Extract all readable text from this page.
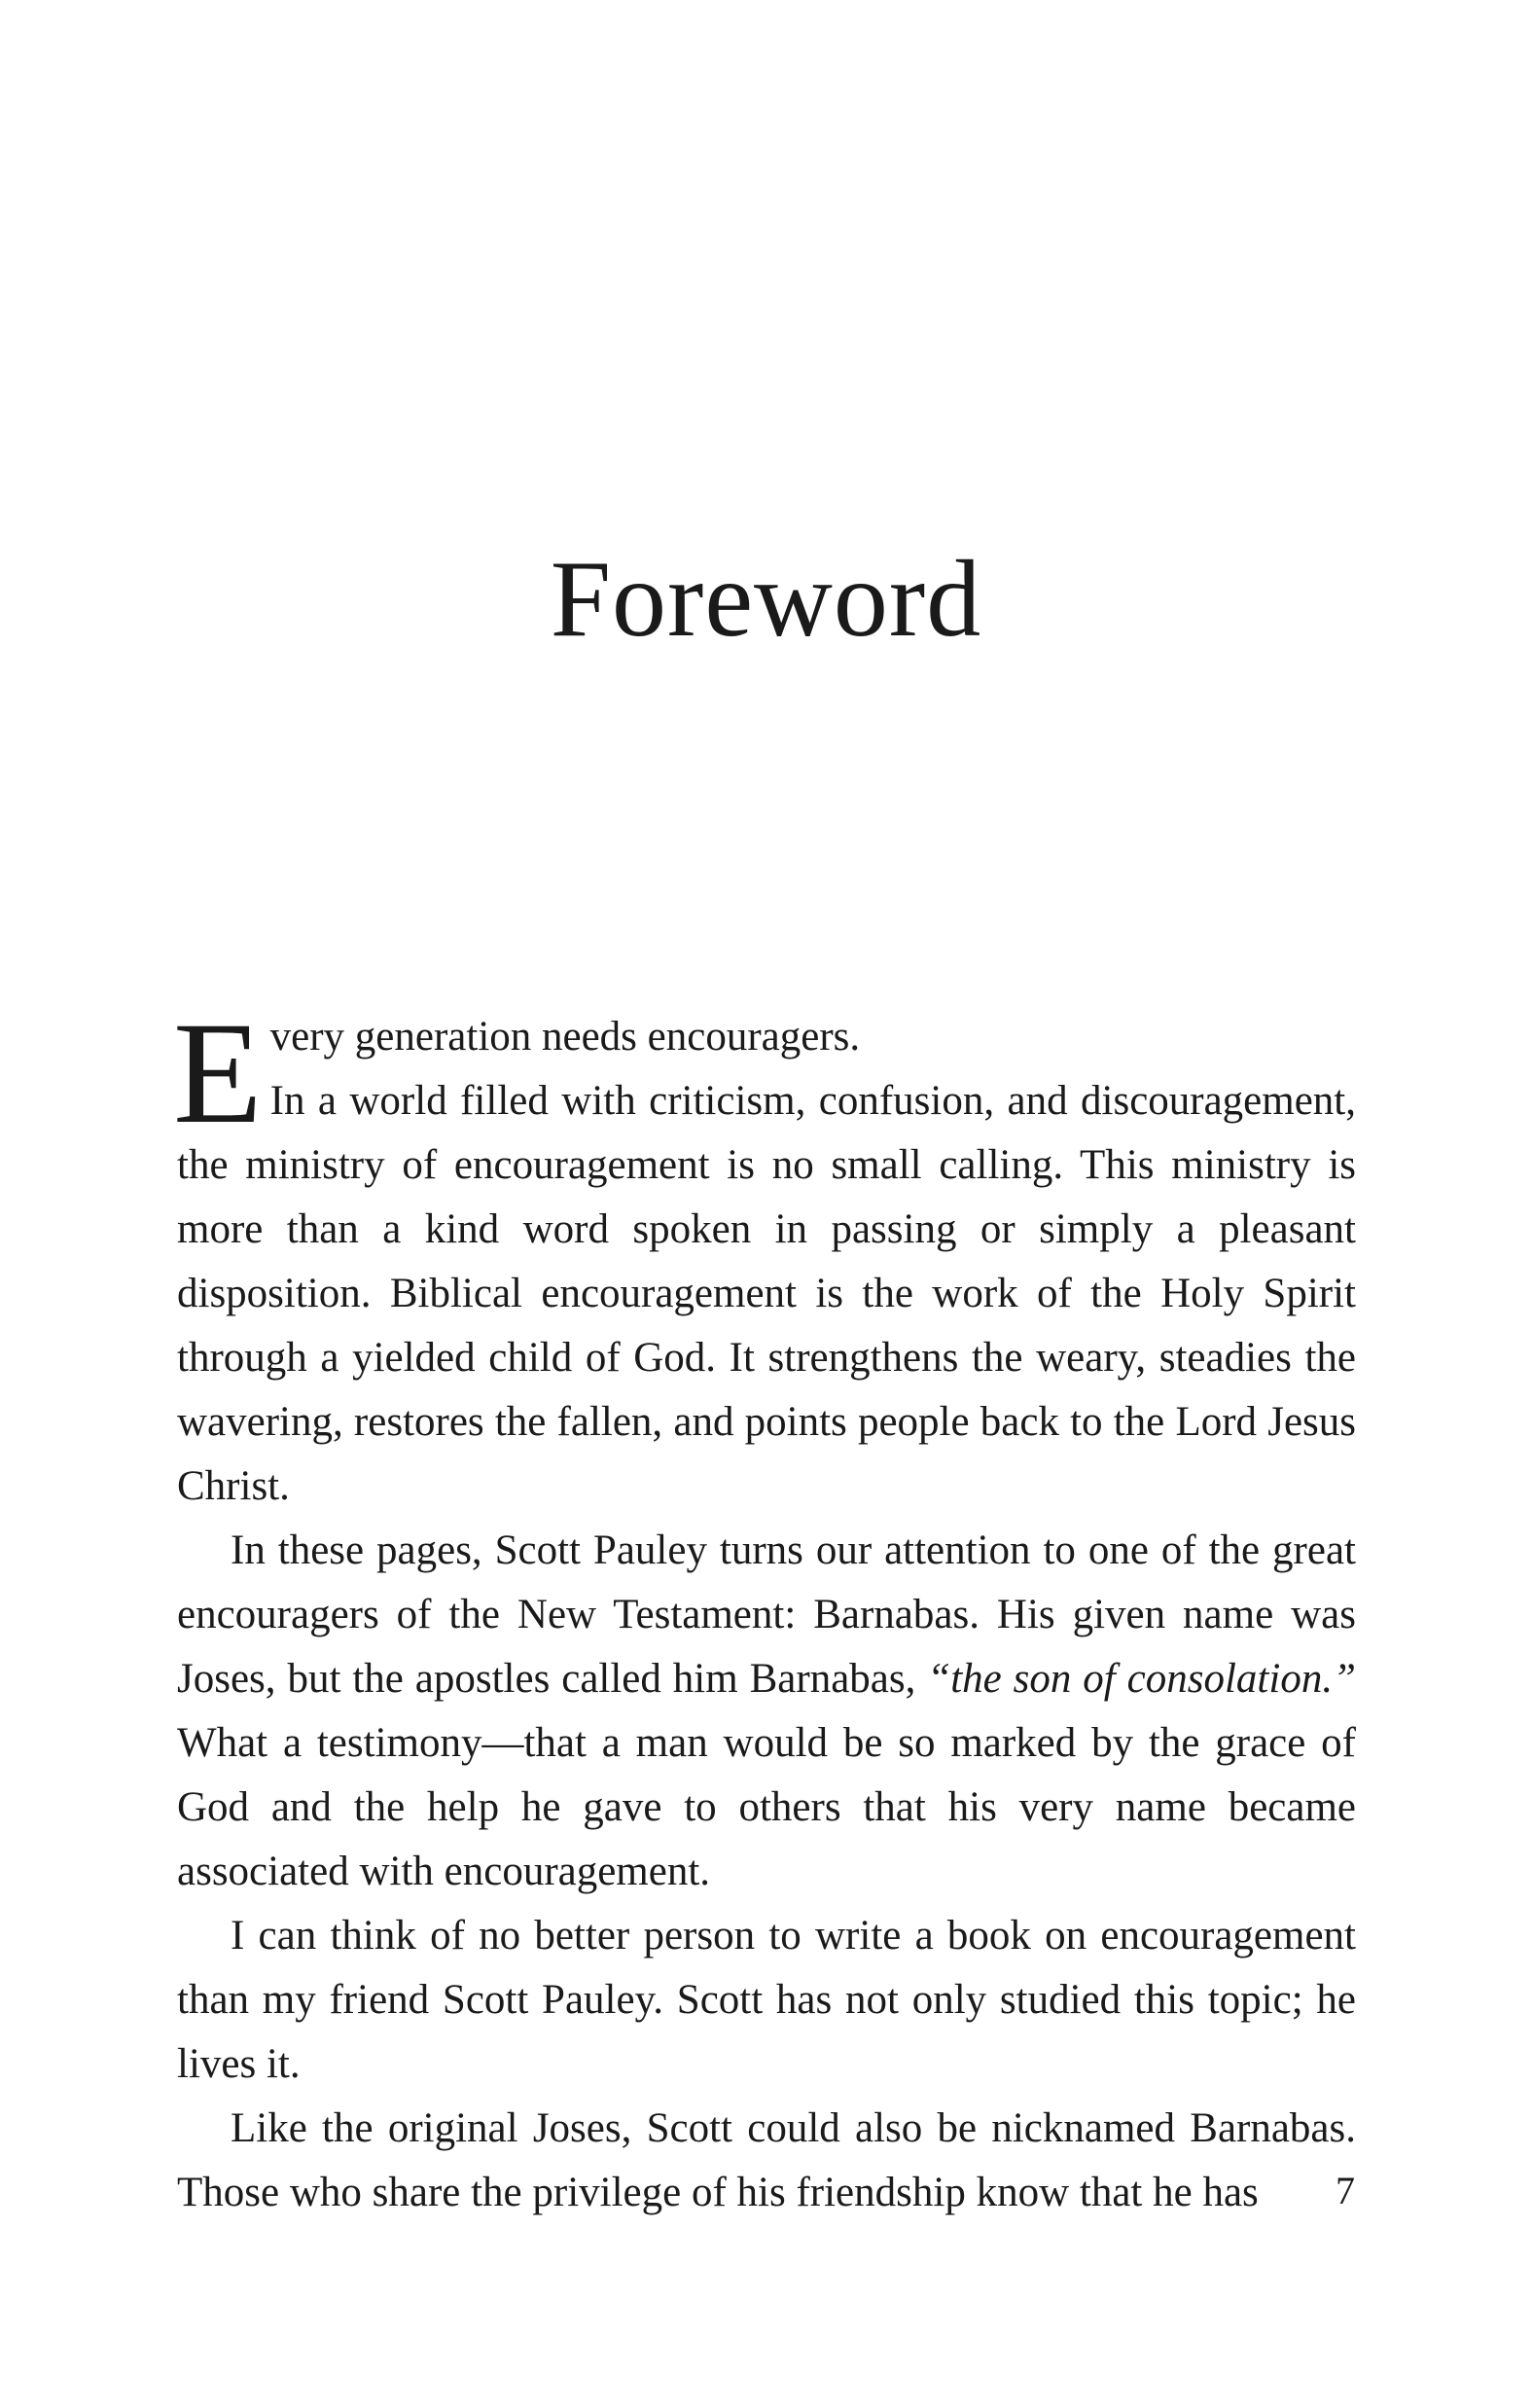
Foreword

Every generation needs encouragers.

In a world filled with criticism, confusion, and discouragement, the ministry of encouragement is no small calling. This ministry is more than a kind word spoken in passing or simply a pleasant disposition. Biblical encouragement is the work of the Holy Spirit through a yielded child of God. It strengthens the weary, steadies the wavering, restores the fallen, and points people back to the Lord Jesus Christ.

In these pages, Scott Pauley turns our attention to one of the great encouragers of the New Testament: Barnabas. His given name was Joses, but the apostles called him Barnabas, “the son of consolation.” What a testimony—that a man would be so marked by the grace of God and the help he gave to others that his very name became associated with encouragement.

I can think of no better person to write a book on encouragement than my friend Scott Pauley. Scott has not only studied this topic; he lives it.

Like the original Joses, Scott could also be nicknamed Barnabas. Those who share the privilege of his friendship know that he has	7
